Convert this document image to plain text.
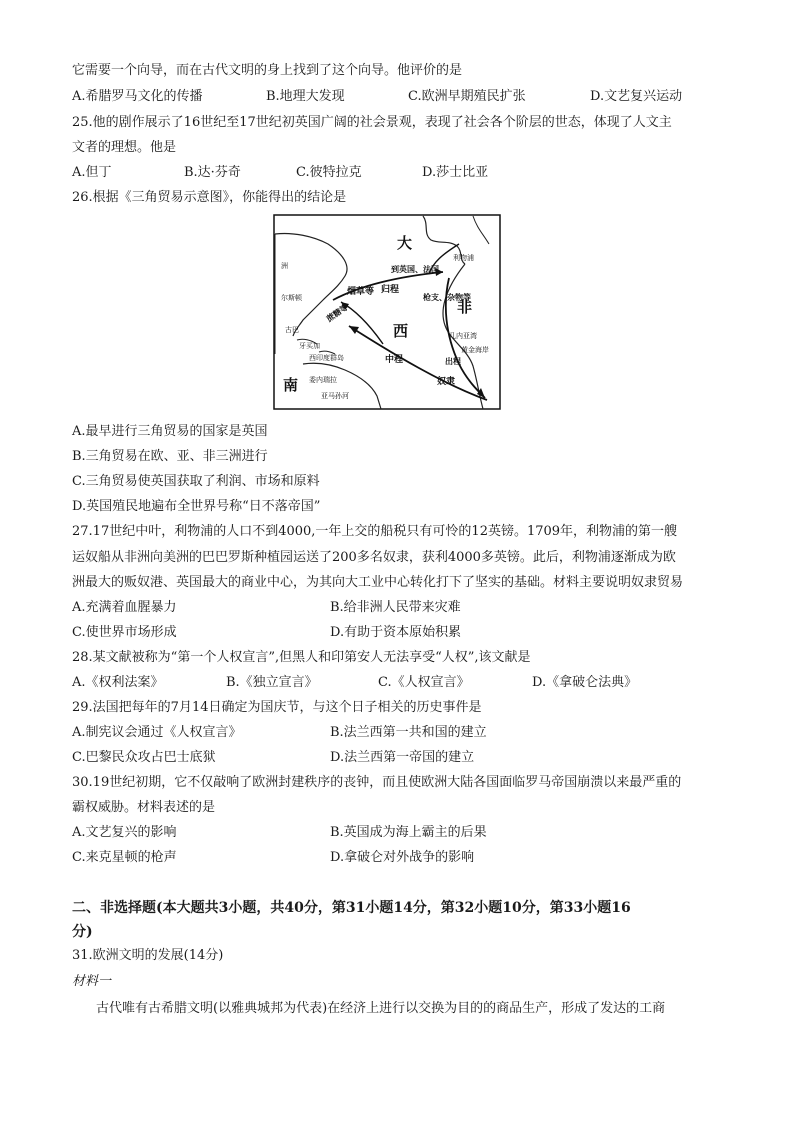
它需要一个向导，而在古代文明的身上找到了这个向导。他评价的是
A.希腊罗马文化的传播	B.地理大发现	C.欧洲早期殖民扩张	D.文艺复兴运动
25.他的剧作展示了16世纪至17世纪初英国广阔的社会景观，表现了社会各个阶层的世态，体现了人文主
文者的理想。他是
A.但丁	B.达·芬奇	C.彼特拉克	D.莎士比亚
26.根据《三角贸易示意图》，你能得出的结论是
大
西
非
南
洲
烟草等 归程
到英国、法国
蔗糖等
枪支、杂物等
出程
中程
奴隶
尔斯顿
古巴
牙买加
西印度群岛
委内瑞拉
亚马孙河
几内亚湾
黄金海岸
利物浦
A.最早进行三角贸易的国家是英国
B.三角贸易在欧、亚、非三洲进行
C.三角贸易使英国获取了利润、市场和原料
D.英国殖民地遍布全世界号称“日不落帝国”
27.17世纪中叶，利物浦的人口不到4000,一年上交的船税只有可怜的12英镑。1709年，利物浦的第一艘
运奴船从非洲向美洲的巴巴罗斯种植园运送了200多名奴隶，获利4000多英镑。此后，利物浦逐渐成为欧
洲最大的贩奴港、英国最大的商业中心，为其向大工业中心转化打下了坚实的基础。材料主要说明奴隶贸易
A.充满着血腥暴力	B.给非洲人民带来灾难
C.使世界市场形成	D.有助于资本原始积累
28.某文献被称为“第一个人权宣言”,但黑人和印第安人无法享受“人权”,该文献是
A.《权利法案》	B.《独立宣言》	C.《人权宣言》	D.《拿破仑法典》
29.法国把每年的7月14日确定为国庆节，与这个日子相关的历史事件是
A.制宪议会通过《人权宣言》	B.法兰西第一共和国的建立
C.巴黎民众攻占巴士底狱	D.法兰西第一帝国的建立
30.19世纪初期，它不仅敲响了欧洲封建秩序的丧钟，而且使欧洲大陆各国面临罗马帝国崩溃以来最严重的
霸权威胁。材料表述的是
A.文艺复兴的影响	B.英国成为海上霸主的后果
C.来克星顿的枪声	D.拿破仑对外战争的影响
二、非选择题(本大题共3小题，共40分，第31小题14分，第32小题10分，第33小题16
分)
31.欧洲文明的发展(14分)
材料一
古代唯有古希腊文明(以雅典城邦为代表)在经济上进行以交换为目的的商品生产，形成了发达的工商
